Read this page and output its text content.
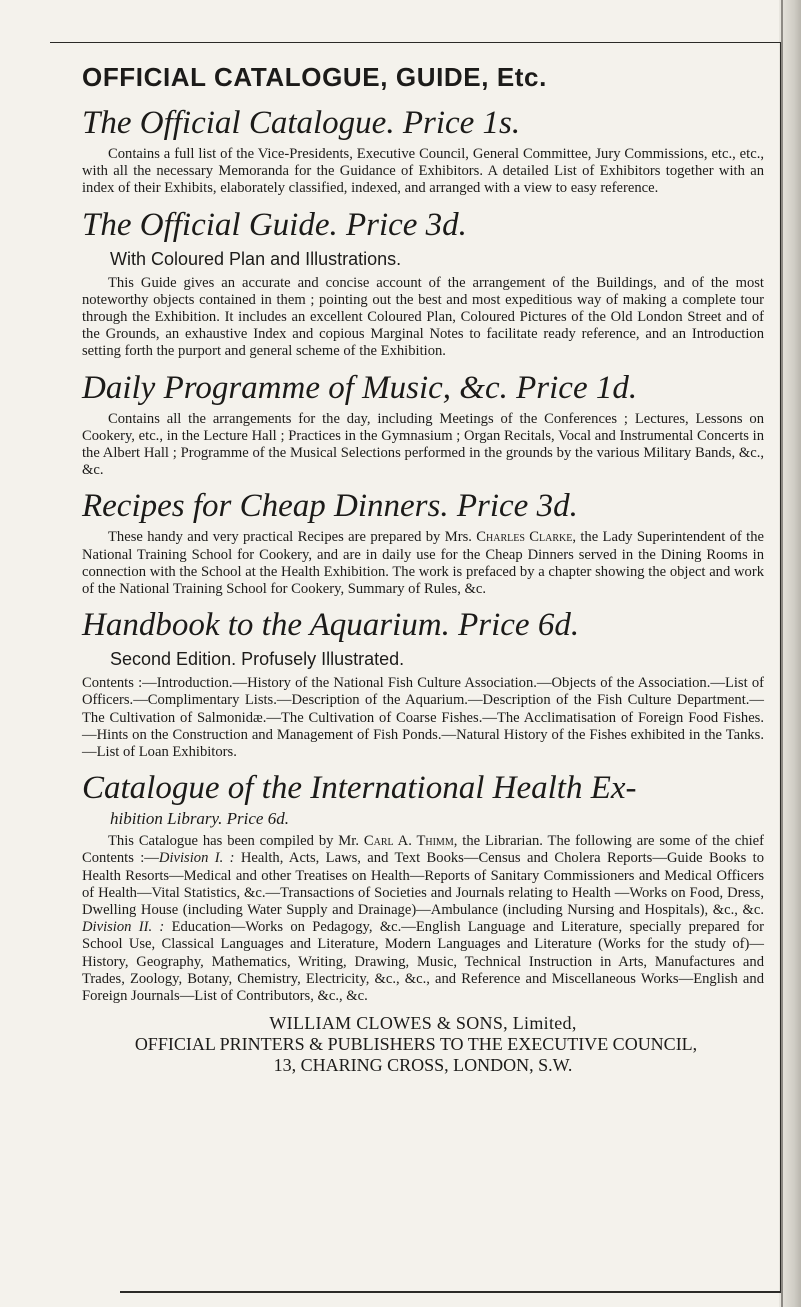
OFFICIAL CATALOGUE, GUIDE, Etc.
The Official Catalogue. Price 1s.

Contains a full list of the Vice-Presidents, Executive Council, General Committee, Jury Commissions, etc., etc., with all the necessary Memoranda for the Guidance of Exhibitors. A detailed List of Exhibitors together with an index of their Exhibits, elaborately classified, indexed, and arranged with a view to easy reference.

The Official Guide. Price 3d.
With Coloured Plan and Illustrations.

This Guide gives an accurate and concise account of the arrangement of the Buildings, and of the most noteworthy objects contained in them ; pointing out the best and most expeditious way of making a complete tour through the Exhibition. It includes an excellent Coloured Plan, Coloured Pictures of the Old London Street and of the Grounds, an exhaustive Index and copious Marginal Notes to facilitate ready reference, and an Introduction setting forth the purport and general scheme of the Exhibition.

Daily Programme of Music, &c. Price 1d.

Contains all the arrangements for the day, including Meetings of the Conferences ; Lectures, Lessons on Cookery, etc., in the Lecture Hall ; Practices in the Gymnasium ; Organ Recitals, Vocal and Instrumental Concerts in the Albert Hall ; Programme of the Musical Selections performed in the grounds by the various Military Bands, &c., &c.

Recipes for Cheap Dinners. Price 3d.

These handy and very practical Recipes are prepared by Mrs. Charles Clarke, the Lady Superintendent of the National Training School for Cookery, and are in daily use for the Cheap Dinners served in the Dining Rooms in connection with the School at the Health Exhibition. The work is prefaced by a chapter showing the object and work of the National Training School for Cookery, Summary of Rules, &c.

Handbook to the Aquarium. Price 6d.
Second Edition. Profusely Illustrated.

Contents :—Introduction.—History of the National Fish Culture Association.—Objects of the Association.—List of Officers.—Complimentary Lists.—Description of the Aquarium.—Description of the Fish Culture Department.—The Cultivation of Salmonidæ.—The Cultivation of Coarse Fishes.—The Acclimatisation of Foreign Food Fishes.—Hints on the Construction and Management of Fish Ponds.—Natural History of the Fishes exhibited in the Tanks.—List of Loan Exhibitors.

Catalogue of the International Health Ex-
hibition Library. Price 6d.

This Catalogue has been compiled by Mr. Carl A. Thimm, the Librarian. The following are some of the chief Contents :—Division I. : Health, Acts, Laws, and Text Books—Census and Cholera Reports—Guide Books to Health Resorts—Medical and other Treatises on Health—Reports of Sanitary Commissioners and Medical Officers of Health—Vital Statistics, &c.—Transactions of Societies and Journals relating to Health —Works on Food, Dress, Dwelling House (including Water Supply and Drainage)—Ambulance (including Nursing and Hospitals), &c., &c. Division II. : Education—Works on Pedagogy, &c.—English Language and Literature, specially prepared for School Use, Classical Languages and Literature, Modern Languages and Literature (Works for the study of)—History, Geography, Mathematics, Writing, Drawing, Music, Technical Instruction in Arts, Manufactures and Trades, Zoology, Botany, Chemistry, Electricity, &c., &c., and Reference and Miscellaneous Works—English and Foreign Journals—List of Contributors, &c., &c.

WILLIAM CLOWES & SONS, Limited,
OFFICIAL PRINTERS & PUBLISHERS TO THE EXECUTIVE COUNCIL,
13, CHARING CROSS, LONDON, S.W.
